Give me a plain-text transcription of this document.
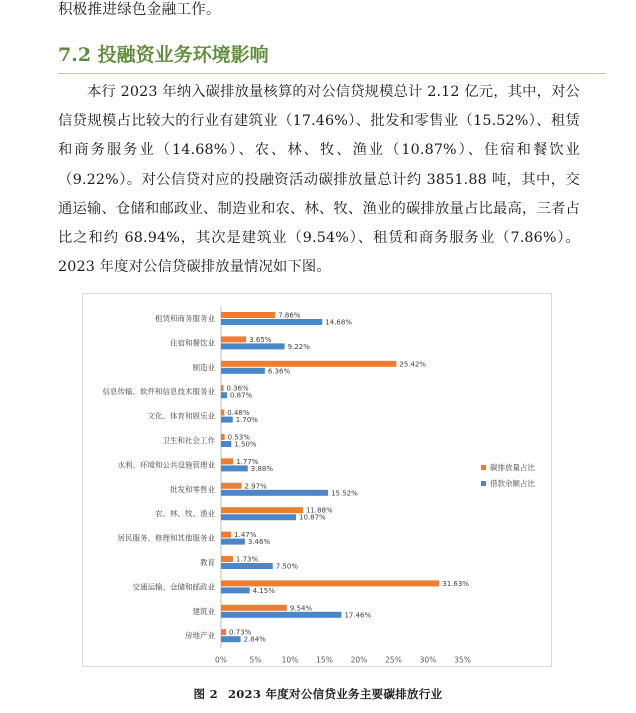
积极推进绿色金融工作。
7.2 投融资业务环境影响
本行 2023 年纳入碳排放量核算的对公信贷规模总计 2.12 亿元，其中，对公信贷规模占比较大的行业有建筑业（17.46%）、批发和零售业（15.52%）、租赁和商务服务业（14.68%）、农、林、牧、渔业（10.87%）、住宿和餐饮业（9.22%）。对公信贷对应的投融资活动碳排放量总计约 3851.88 吨，其中，交通运输、仓储和邮政业、制造业和农、林、牧、渔业的碳排放量占比最高，三者占比之和约 68.94%，其次是建筑业（9.54%）、租赁和商务服务业（7.86%）。2023 年度对公信贷碳排放量情况如下图。
0%	5%	10% 15% 20% 25% 30% 35%
租赁和商务服务业	7.86%
14.68%
住宿和餐饮业	3.65%
9.22%
制造业	25.42%
6.36%
信息传输、软件和信息技术服务业 0.36%
0.87%
文化、体育和娱乐业 0.48%
1.70%
卫生和社会工作 0.53%
1.50%
水利、环境和公共设施管理业	1.77%
3.88%
批发和零售业	2.97%
15.52%
农、林、牧、渔业	11.88%
10.87%
居民服务、修理和其他服务业	1.47%
3.46%
教育	1.73%
7.50%
交通运输、仓储和邮政业	31.63%
4.15%
建筑业	9.54%
17.46%
房地产业 0.73%
2.84%
碳排放量占比
借款余额占比
图 2 2023 年度对公信贷业务主要碳排放行业
